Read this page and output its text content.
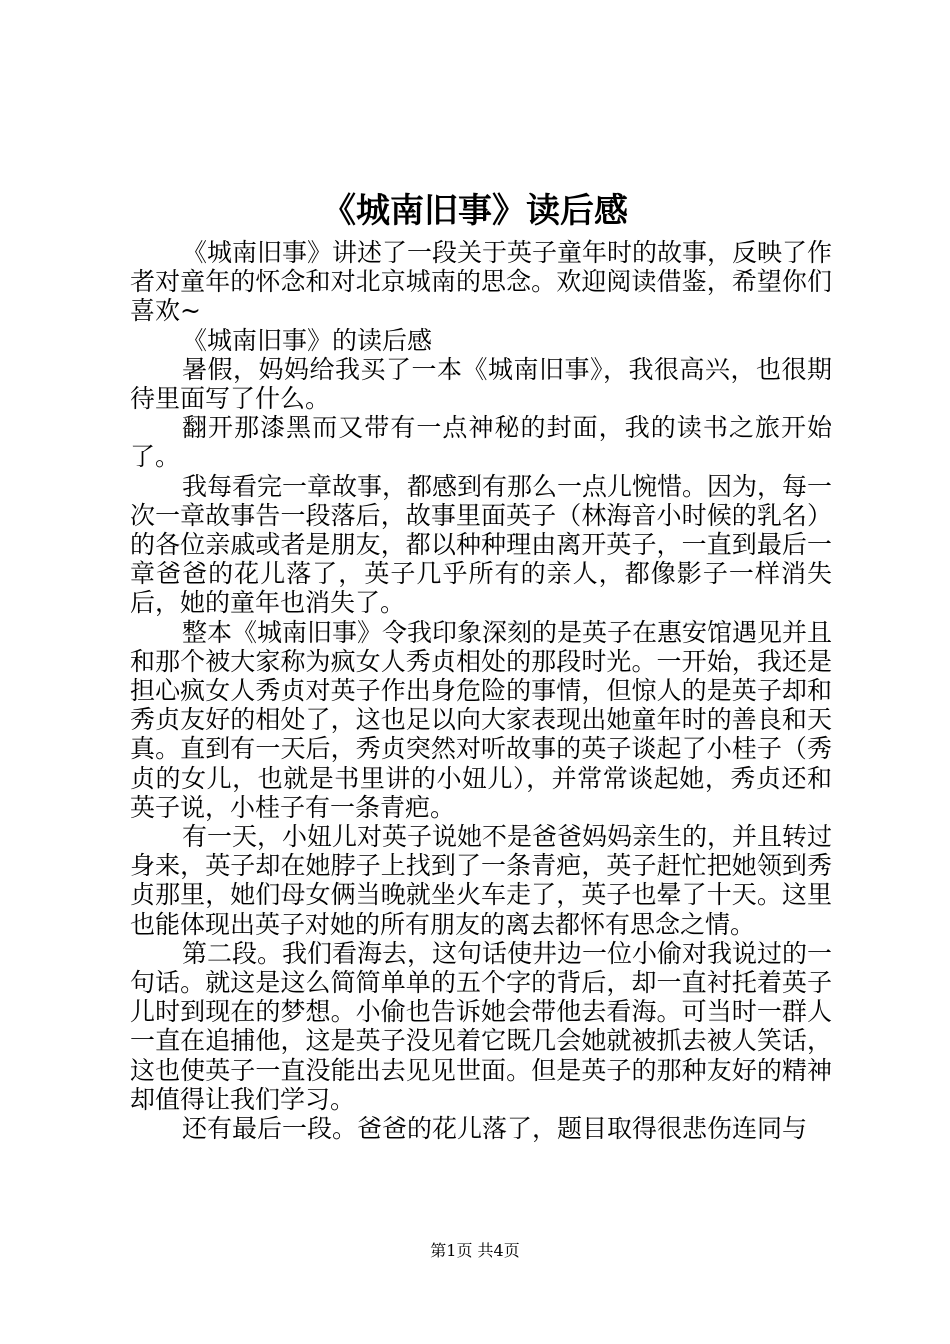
《城南旧事》读后感

《城南旧事》讲述了一段关于英子童年时的故事，反映了作者对童年的怀念和对北京城南的思念。欢迎阅读借鉴，希望你们喜欢~

《城南旧事》的读后感

暑假，妈妈给我买了一本《城南旧事》，我很高兴，也很期待里面写了什么。

翻开那漆黑而又带有一点神秘的封面，我的读书之旅开始了。

我每看完一章故事，都感到有那么一点儿惋惜。因为，每一次一章故事告一段落后，故事里面英子（林海音小时候的乳名）的各位亲戚或者是朋友，都以种种理由离开英子，一直到最后一章爸爸的花儿落了，英子几乎所有的亲人，都像影子一样消失后，她的童年也消失了。

整本《城南旧事》令我印象深刻的是英子在惠安馆遇见并且和那个被大家称为疯女人秀贞相处的那段时光。一开始，我还是担心疯女人秀贞对英子作出身危险的事情，但惊人的是英子却和秀贞友好的相处了，这也足以向大家表现出她童年时的善良和天真。直到有一天后，秀贞突然对听故事的英子谈起了小桂子（秀贞的女儿，也就是书里讲的小妞儿），并常常谈起她，秀贞还和英子说，小桂子有一条青疤。

有一天，小妞儿对英子说她不是爸爸妈妈亲生的，并且转过身来，英子却在她脖子上找到了一条青疤，英子赶忙把她领到秀贞那里，她们母女俩当晚就坐火车走了，英子也晕了十天。这里也能体现出英子对她的所有朋友的离去都怀有思念之情。

第二段。我们看海去，这句话使井边一位小偷对我说过的一句话。就这是这么简简单单的五个字的背后，却一直衬托着英子儿时到现在的梦想。小偷也告诉她会带他去看海。可当时一群人一直在追捕他，这是英子没见着它既几会她就被抓去被人笑话，这也使英子一直没能出去见见世面。但是英子的那种友好的精神却值得让我们学习。

还有最后一段。爸爸的花儿落了，题目取得很悲伤连同与

第1页 共4页
